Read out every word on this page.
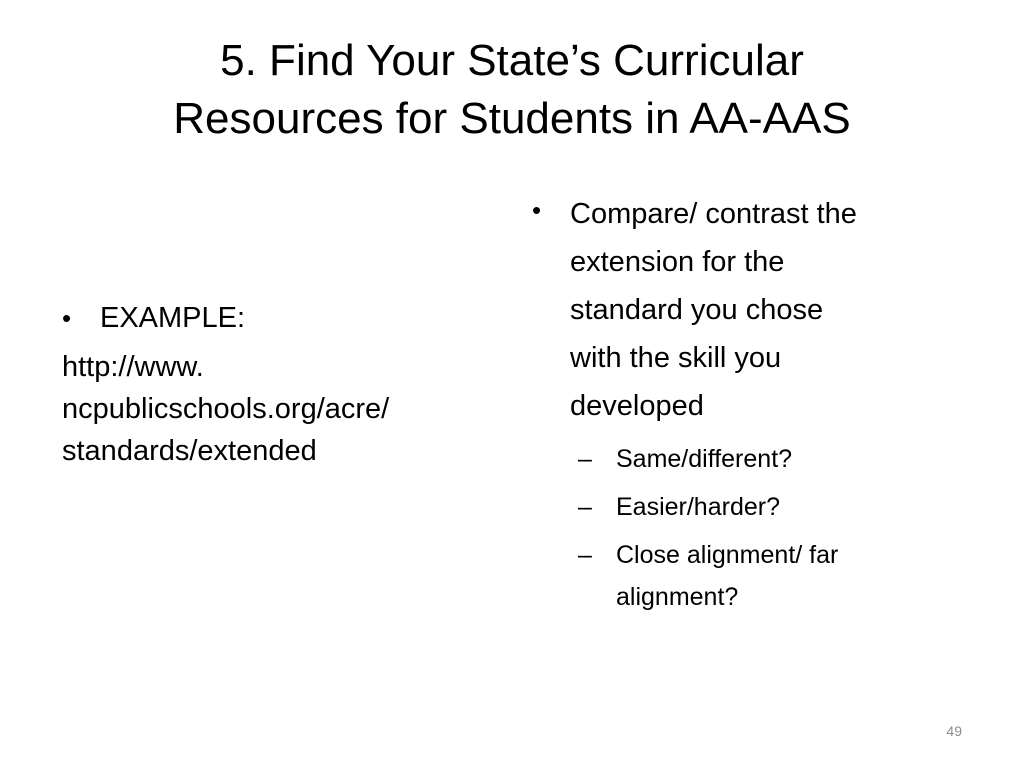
5. Find Your State’s Curricular
Resources for Students in AA-AAS
• EXAMPLE:
http://www.
ncpublicschools.org/acre/
standards/extended
• Compare/ contrast the
extension for the
standard you chose
with the skill you
developed
– Same/different?
– Easier/harder?
– Close alignment/ far
alignment?
49
